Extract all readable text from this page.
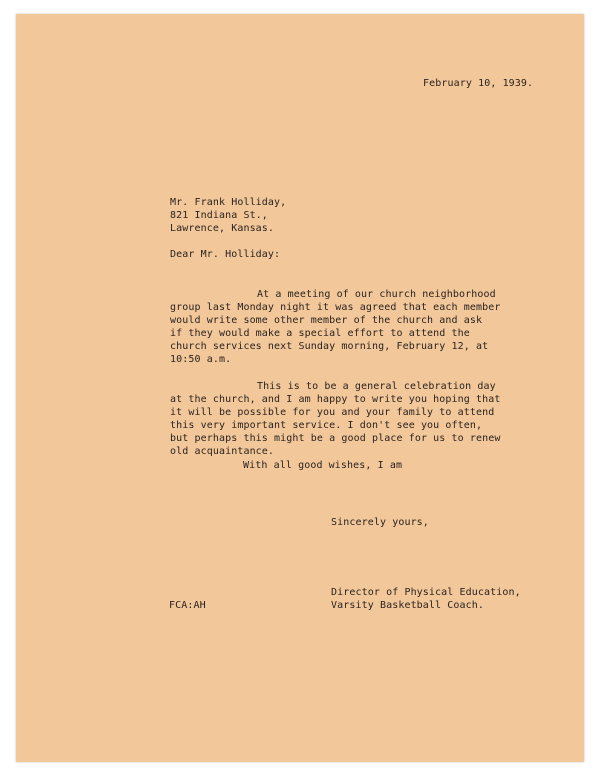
February 10, 1939.

Mr. Frank Holliday,

821 Indiana St.,

Lawrence, Kansas.

Dear Mr. Holliday:

At a meeting of our church neighborhood

group last Monday night it was agreed that each member

would write some other member of the church and ask

if they would make a special effort to attend the

church services next Sunday morning, February 12, at

10:50 a.m.

This is to be a general celebration day

at the church, and I am happy to write you hoping that

it will be possible for you and your family to attend

this very important service. I don't see you often,

but perhaps this might be a good place for us to renew

old acquaintance.

With all good wishes, I am

Sincerely yours,

Director of Physical Education,

Varsity Basketball Coach.

FCA:AH
